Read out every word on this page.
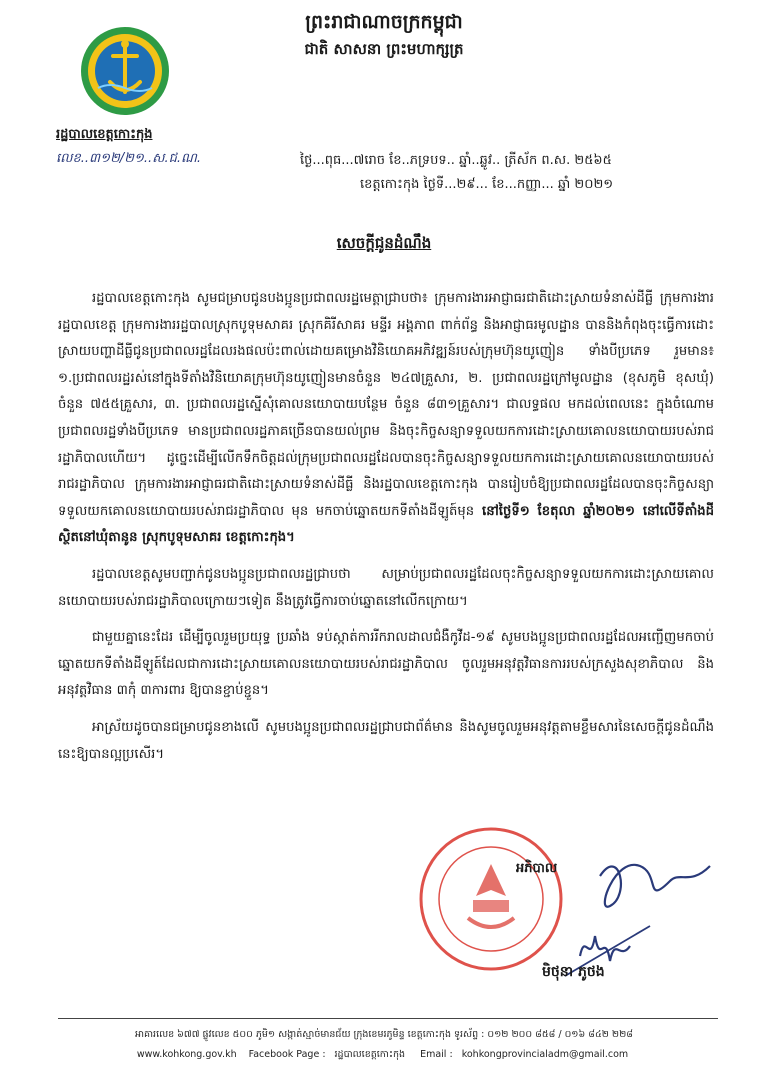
ព្រះរាជាណាចក្រកម្ពុជា
ជាតិ សាសនា ព្រះមហាក្សត្រ
រដ្ឋបាលខេត្តកោះកុង
លេខ..៣១២/២១..ស.ជ.ណ.	ថ្ងៃ...ពុធ...៧រោច ខែ..ភទ្របទ.. ឆ្នាំ..ឆ្លូវ.. ត្រីស័ក ព.ស. ២៥៦៥
ខេត្តកោះកុង ថ្ងៃទី...២៩... ខែ...កញ្ញា... ឆ្នាំ ២០២១
សេចក្តីជូនដំណឹង

រដ្ឋបាលខេត្តកោះកុង សូមជម្រាបជូនបងប្អូនប្រជាពលរដ្ឋមេត្តាជ្រាបថា៖ ក្រុមការងារអាជ្ញាធរជាតិដោះស្រាយទំនាស់ដីធ្លី ក្រុមការងាររដ្ឋបាលខេត្ត ក្រុមការងាររដ្ឋបាលស្រុកបូទុមសាគរ ស្រុកគិរីសាគរ មន្ទីរ អង្គភាព ពាក់ព័ន្ធ និងអាជ្ញាធរមូលដ្ឋាន បាននិងកំពុងចុះធ្វើការដោះស្រាយបញ្ហាដីធ្លីជូនប្រជាពលរដ្ឋដែលរងផលប៉ះពាល់ដោយគម្រោងវិនិយោគអភិវឌ្ឍន៍របស់ក្រុមហ៊ុនយូញៀន ទាំងបីប្រភេទ រួមមាន៖ ១.ប្រជាពលរដ្ឋរស់នៅក្នុងទីតាំងវិនិយោគក្រុមហ៊ុនយូញៀនមានចំនួន ២៤៧គ្រួសារ, ២. ប្រជាពលរដ្ឋក្រៅមូលដ្ឋាន (ខុសភូមិ ខុសឃុំ) ចំនួន ៧៥៥គ្រួសារ, ៣. ប្រជាពលរដ្ឋស្នើសុំគោលនយោបាយបន្ថែម ចំនួន ៨៣១គ្រួសារ។ ជាលទ្ធផល មកដល់ពេលនេះ ក្នុងចំណោមប្រជាពលរដ្ឋទាំងបីប្រភេទ មានប្រជាពលរដ្ឋភាគច្រើនបានយល់ព្រម និងចុះកិច្ចសន្យាទទួលយកការដោះស្រាយគោលនយោបាយរបស់រាជរដ្ឋាភិបាលហើយ។ ដូច្នេះដើម្បីលើកទឹកចិត្តដល់ក្រុមប្រជាពលរដ្ឋដែលបានចុះកិច្ចសន្យាទទួលយកការដោះស្រាយគោលនយោបាយរបស់រាជរដ្ឋាភិបាល ក្រុមការងារអាជ្ញាធរជាតិដោះស្រាយទំនាស់ដីធ្លី និងរដ្ឋបាលខេត្តកោះកុង បានរៀបចំឱ្យប្រជាពលរដ្ឋដែលបានចុះកិច្ចសន្យាទទួលយកគោលនយោបាយរបស់រាជរដ្ឋាភិបាល មុន មកចាប់ឆ្នោតយកទីតាំងដីឡូត៍មុន នៅថ្ងៃទី១ ខែតុលា ឆ្នាំ២០២១ នៅលើទីតាំងដី ស្ថិតនៅឃុំតានូន ស្រុកបូទុមសាគរ ខេត្តកោះកុង។

រដ្ឋបាលខេត្តសូមបញ្ជាក់ជូនបងប្អូនប្រជាពលរដ្ឋជ្រាបថា សម្រាប់ប្រជាពលរដ្ឋដែលចុះកិច្ចសន្យាទទួលយកការដោះស្រាយគោលនយោបាយរបស់រាជរដ្ឋាភិបាលក្រោយៗទៀត នឹងត្រូវធ្វើការចាប់ឆ្នោតនៅលើកក្រោយ។

ជាមួយគ្នានេះដែរ ដើម្បីចូលរួមប្រយុទ្ធ ប្រឆាំង ទប់ស្កាត់ការរីករាលដាលជំងឺកូវីដ-១៩ សូមបងប្អូនប្រជាពលរដ្ឋដែលអញ្ជើញមកចាប់ឆ្នោតយកទីតាំងដីឡូត៍ដែលជាការដោះស្រាយគោលនយោបាយរបស់រាជរដ្ឋាភិបាល ចូលរួមអនុវត្តវិធានការរបស់ក្រសួងសុខាភិបាល និងអនុវត្តវិធាន ៣កុំ ៣ការពារ ឱ្យបានខ្ជាប់ខ្ជួន។

អាស្រ័យដូចបានជម្រាបជូនខាងលើ សូមបងប្អូនប្រជាពលរដ្ឋជ្រាបជាព័ត៌មាន និងសូមចូលរួមអនុវត្តតាមខ្លឹមសារនៃសេចក្តីជូនដំណឹងនេះឱ្យបានល្អប្រសើរ។

អភិបាល
មិថុនា ភូថង
អាគារលេខ ៦៧៧ ផ្លូវលេខ ៥០០ ភូមិ១ សង្កាត់ស្មាច់មានជ័យ ក្រុងខេមរភូមិន្ទ ខេត្តកោះកុង ទូរស័ព្ទ : ០១២ ២០០ ៨៥៨ / ០១៦ ៨៤២ ២២៨
www.kohkong.gov.kh Facebook Page : រដ្ឋបាលខេត្តកោះកុង Email : kohkongprovincialadm@gmail.com
